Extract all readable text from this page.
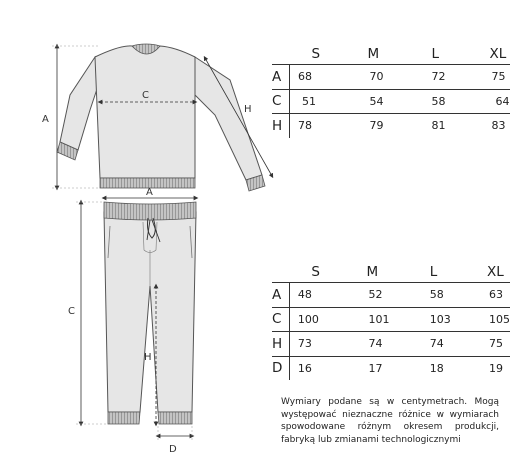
A
C
H
A
C
H
D
	S	M	L	XL
A	68	70	72	75
C	51	54	58	64
H	78	79	81	83
	S	M	L	XL
A	48	52	58	63
C	100	101	103	105
H	73	74	74	75
D	16	17	18	19

Wymiary podane są w centymetrach. Mogą występować nieznaczne różnice w wymiarach spowodowane różnym okresem produkcji, fabryką lub zmianami technologicznymi
